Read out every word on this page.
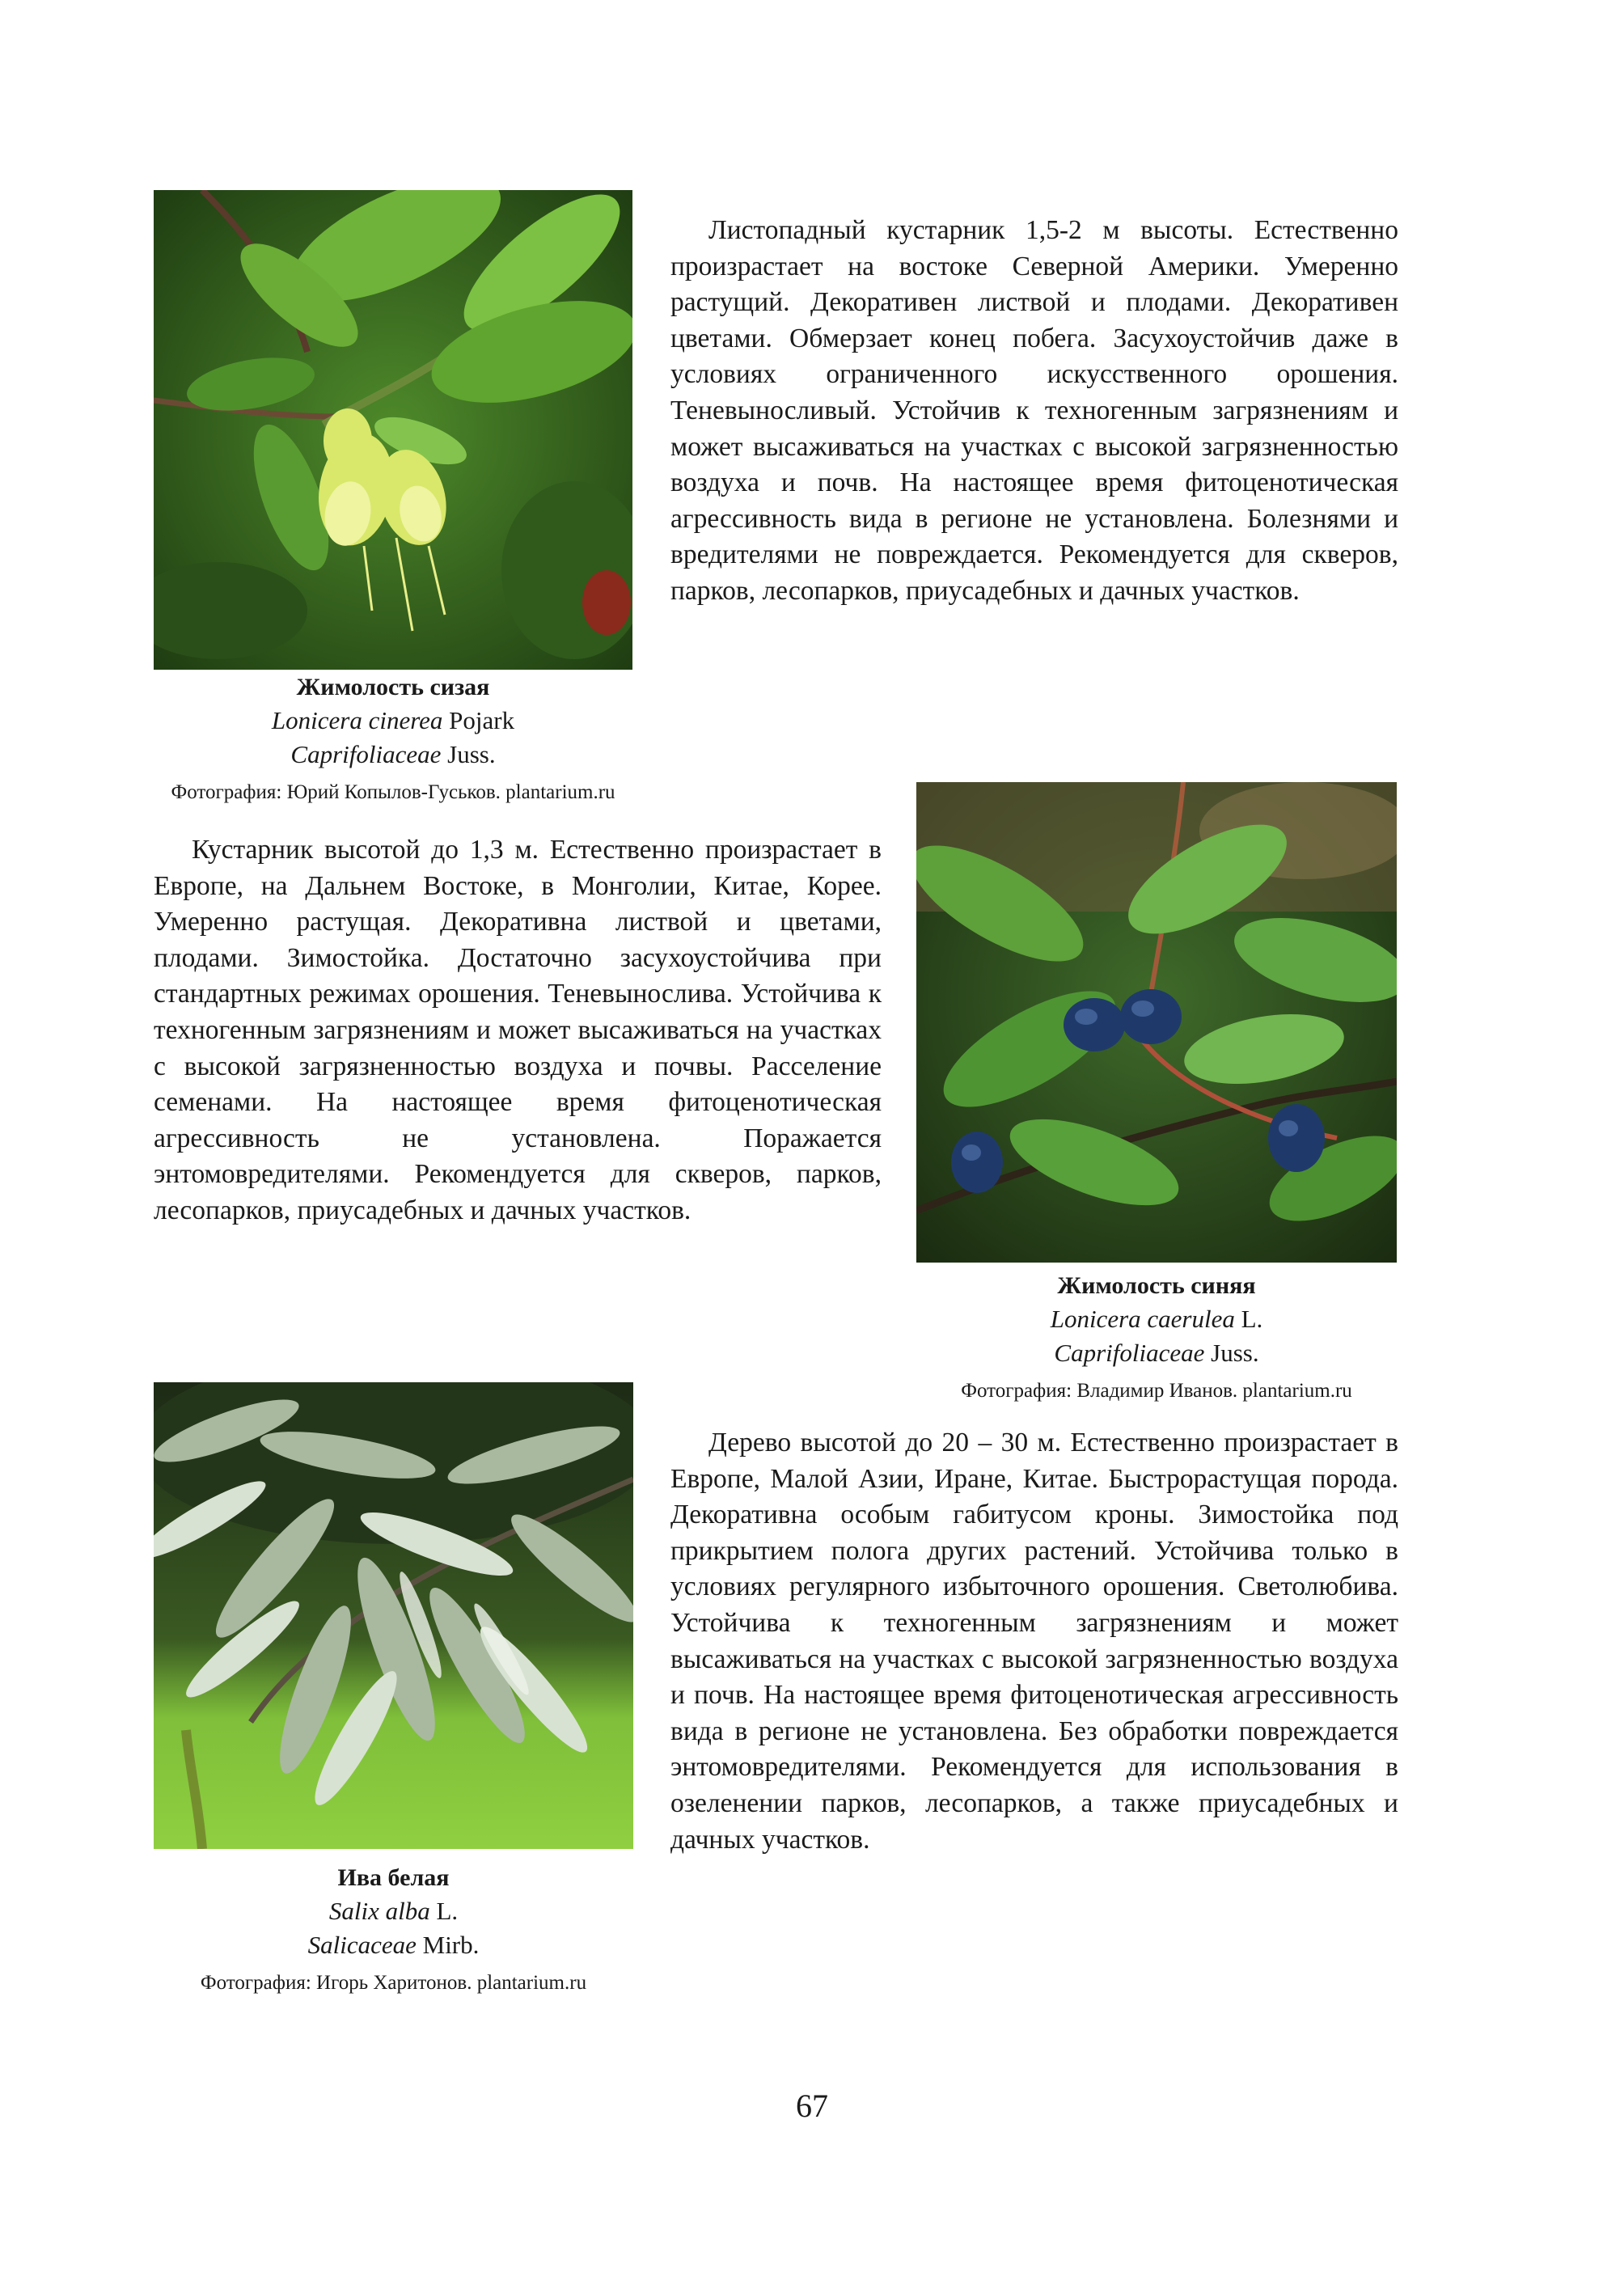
Жимолость сизая
Lonicera cinerea Pojark
Caprifoliaceae Juss.
Фотография: Юрий Копылов-Гуськов. plantarium.ru

Листопадный кустарник 1,5-2 м высоты. Естественно произрастает на востоке Северной Америки. Умеренно растущий. Декоративен листвой и плодами. Декоративен цветами. Обмерзает конец побега. Засухоустойчив даже в условиях ограниченного искусственного орошения. Теневыносливый. Устойчив к техногенным загрязнениям и может высаживаться на участках с высокой загрязненностью воздуха и почв. На настоящее время фитоценотическая агрессивность вида в регионе не установлена. Болезнями и вредителями не повреждается. Рекомендуется для скверов, парков, лесопарков, приусадебных и дачных участков.

Жимолость синяя
Lonicera caerulea L.
Caprifoliaceae Juss.
Фотография: Владимир Иванов. plantarium.ru

Кустарник высотой до 1,3 м. Естественно произрастает в Европе, на Дальнем Востоке, в Монголии, Китае, Корее. Умеренно растущая. Декоративна листвой и цветами, плодами. Зимостойка. Достаточно засухоустойчива при стандартных режимах орошения. Теневынослива. Устойчива к техногенным загрязнениям и может высаживаться на участках с высокой загрязненностью воздуха и почвы. Расселение семенами. На настоящее время фитоценотическая агрессивность не установлена. Поражается энтомовредителями. Рекомендуется для скверов, парков, лесопарков, приусадебных и дачных участков.

Ива белая
Salix alba L.
Salicaceae Mirb.
Фотография: Игорь Харитонов. plantarium.ru

Дерево высотой до 20 – 30 м. Естественно произрастает в Европе, Малой Азии, Иране, Китае. Быстрорастущая порода. Декоративна особым габитусом кроны. Зимостойка под прикрытием полога других растений. Устойчива только в условиях регулярного избыточного орошения. Светолюбива. Устойчива к техногенным загрязнениям и может высаживаться на участках с высокой загрязненностью воздуха и почв. На настоящее время фитоценотическая агрессивность вида в регионе не установлена. Без обработки повреждается энтомовредителями. Рекомендуется для использования в озеленении парков, лесопарков, а также приусадебных и дачных участков.

67
